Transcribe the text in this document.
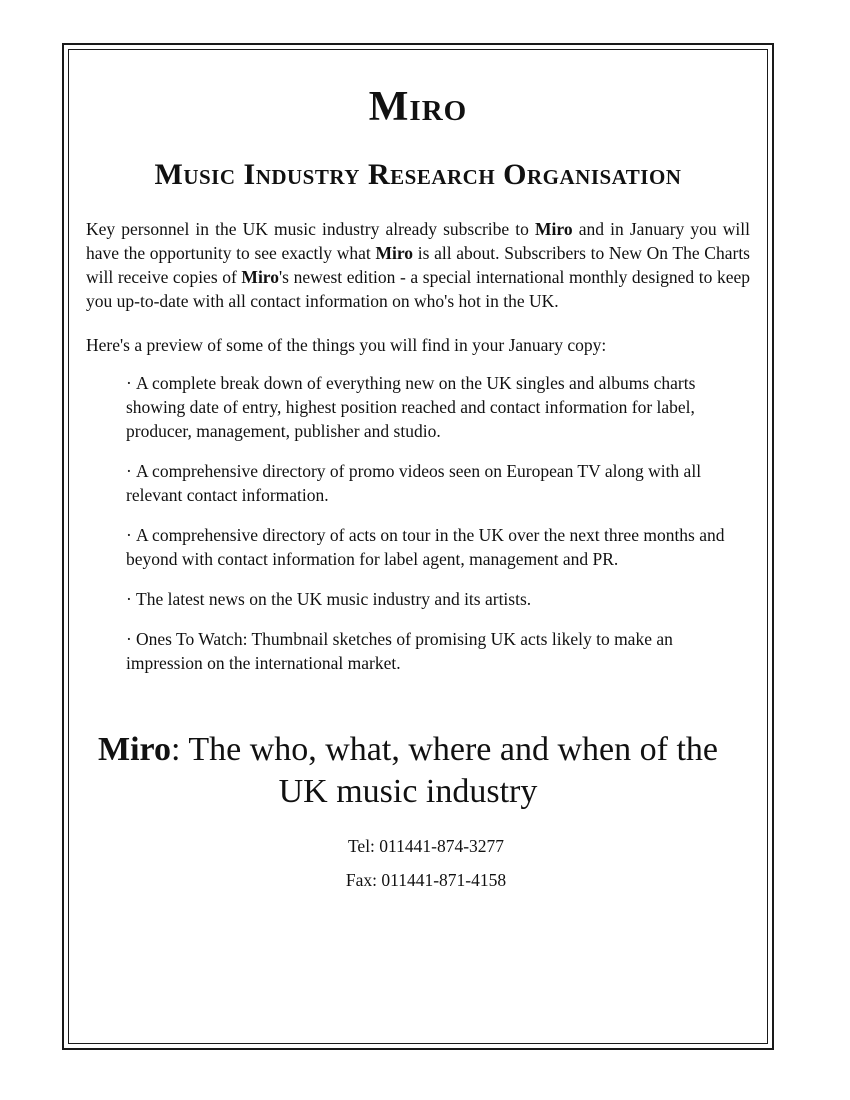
Miro
Music Industry Research Organisation

Key personnel in the UK music industry already subscribe to Miro and in January you will have the opportunity to see exactly what Miro is all about. Subscribers to New On The Charts will receive copies of Miro's newest edition - a special international monthly designed to keep you up-to-date with all contact information on who's hot in the UK.

Here's a preview of some of the things you will find in your January copy:

· A complete break down of everything new on the UK singles and albums charts showing date of entry, highest position reached and contact information for label, producer, management, publisher and studio.
· A comprehensive directory of promo videos seen on European TV along with all relevant contact information.
· A comprehensive directory of acts on tour in the UK over the next three months and beyond with contact information for label agent, management and PR.
· The latest news on the UK music industry and its artists.
· Ones To Watch: Thumbnail sketches of promising UK acts likely to make an impression on the international market.
Miro: The who, what, where and when of the UK music industry
Tel: 011441-874-3277
Fax: 011441-871-4158
